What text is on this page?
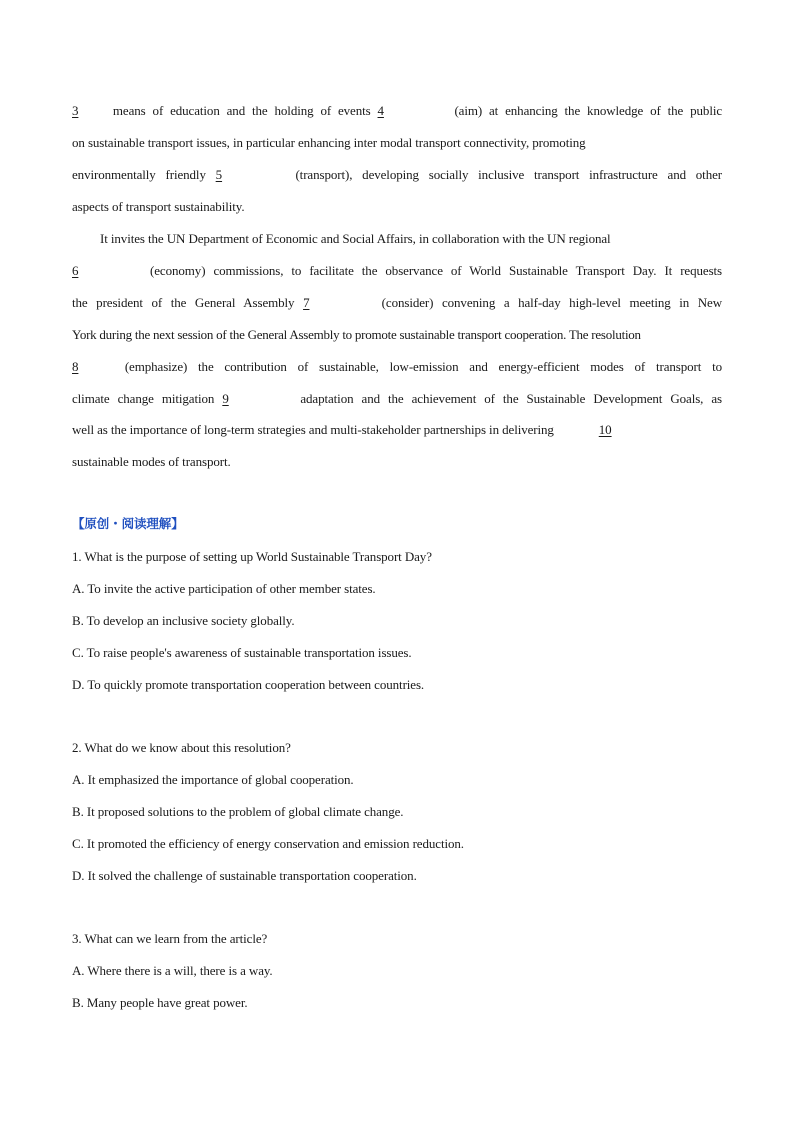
3	means of education and the holding of events 4	(aim) at enhancing the knowledge of the public
on sustainable transport issues, in particular enhancing inter modal transport connectivity, promoting
environmentally friendly 5	(transport), developing socially inclusive transport infrastructure and other
aspects of transport sustainability.
It invites the UN Department of Economic and Social Affairs, in collaboration with the UN regional
6	(economy) commissions, to facilitate the observance of World Sustainable Transport Day. It requests
the president of the General Assembly 7	(consider) convening a half-day high-level meeting in New
York during the next session of the General Assembly to promote sustainable transport cooperation. The resolution
8	(emphasize) the contribution of sustainable, low-emission and energy-efficient modes of transport to
climate change mitigation 9	adaptation and the achievement of the Sustainable Development Goals, as
well as the importance of long-term strategies and multi-stakeholder partnerships in delivering	10
sustainable modes of transport.
【原创・阅读理解】
1. What is the purpose of setting up World Sustainable Transport Day?
A. To invite the active participation of other member states.
B. To develop an inclusive society globally.
C. To raise people's awareness of sustainable transportation issues.
D. To quickly promote transportation cooperation between countries.
2. What do we know about this resolution?
A. It emphasized the importance of global cooperation.
B. It proposed solutions to the problem of global climate change.
C. It promoted the efficiency of energy conservation and emission reduction.
D. It solved the challenge of sustainable transportation cooperation.
3. What can we learn from the article?
A. Where there is a will, there is a way.
B. Many people have great power.
